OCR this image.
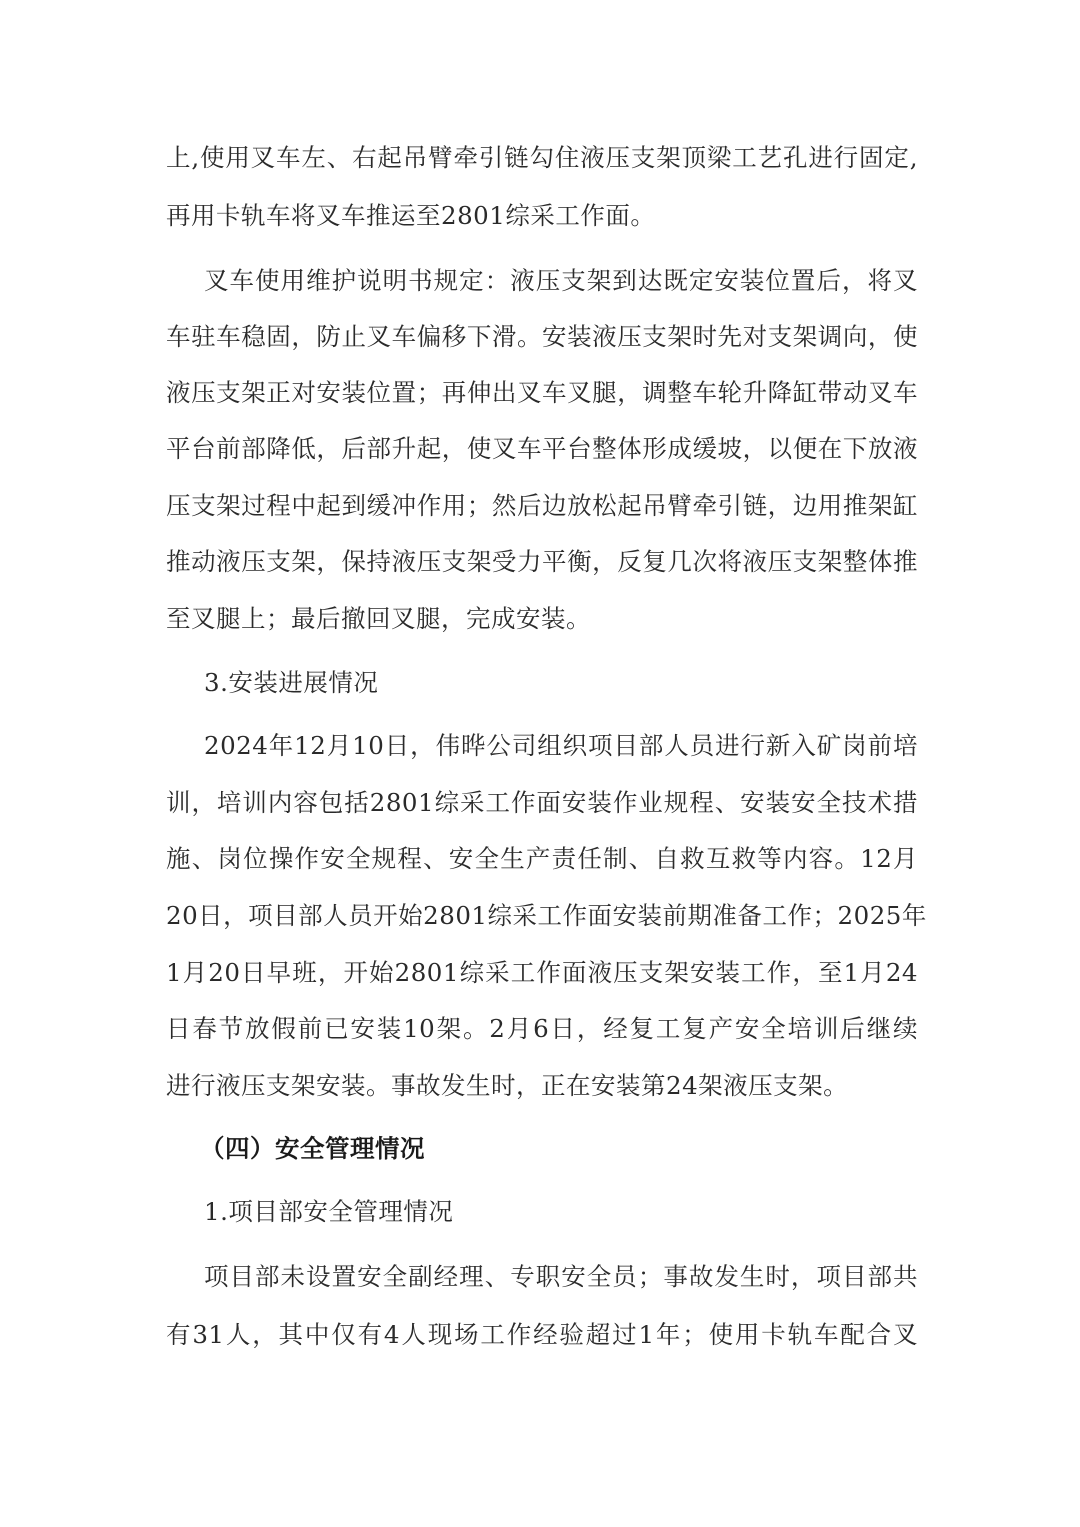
上,使用叉车左、右起吊臂牵引链勾住液压支架顶梁工艺孔进行固定,
再用卡轨车将叉车推运至2801综采工作面。
叉车使用维护说明书规定：液压支架到达既定安装位置后，将叉
车驻车稳固，防止叉车偏移下滑。安装液压支架时先对支架调向，使
液压支架正对安装位置；再伸出叉车叉腿，调整车轮升降缸带动叉车
平台前部降低，后部升起，使叉车平台整体形成缓坡，以便在下放液
压支架过程中起到缓冲作用；然后边放松起吊臂牵引链，边用推架缸
推动液压支架，保持液压支架受力平衡，反复几次将液压支架整体推
至叉腿上；最后撤回叉腿，完成安装。
3.安装进展情况
2024年12月10日，伟晔公司组织项目部人员进行新入矿岗前培
训，培训内容包括2801综采工作面安装作业规程、安装安全技术措
施、岗位操作安全规程、安全生产责任制、自救互救等内容。12月
20日，项目部人员开始2801综采工作面安装前期准备工作；2025年
1月20日早班，开始2801综采工作面液压支架安装工作，至1月24
日春节放假前已安装10架。2月6日，经复工复产安全培训后继续
进行液压支架安装。事故发生时，正在安装第24架液压支架。
（四）安全管理情况
1.项目部安全管理情况
项目部未设置安全副经理、专职安全员；事故发生时，项目部共
有31人，其中仅有4人现场工作经验超过1年；使用卡轨车配合叉
